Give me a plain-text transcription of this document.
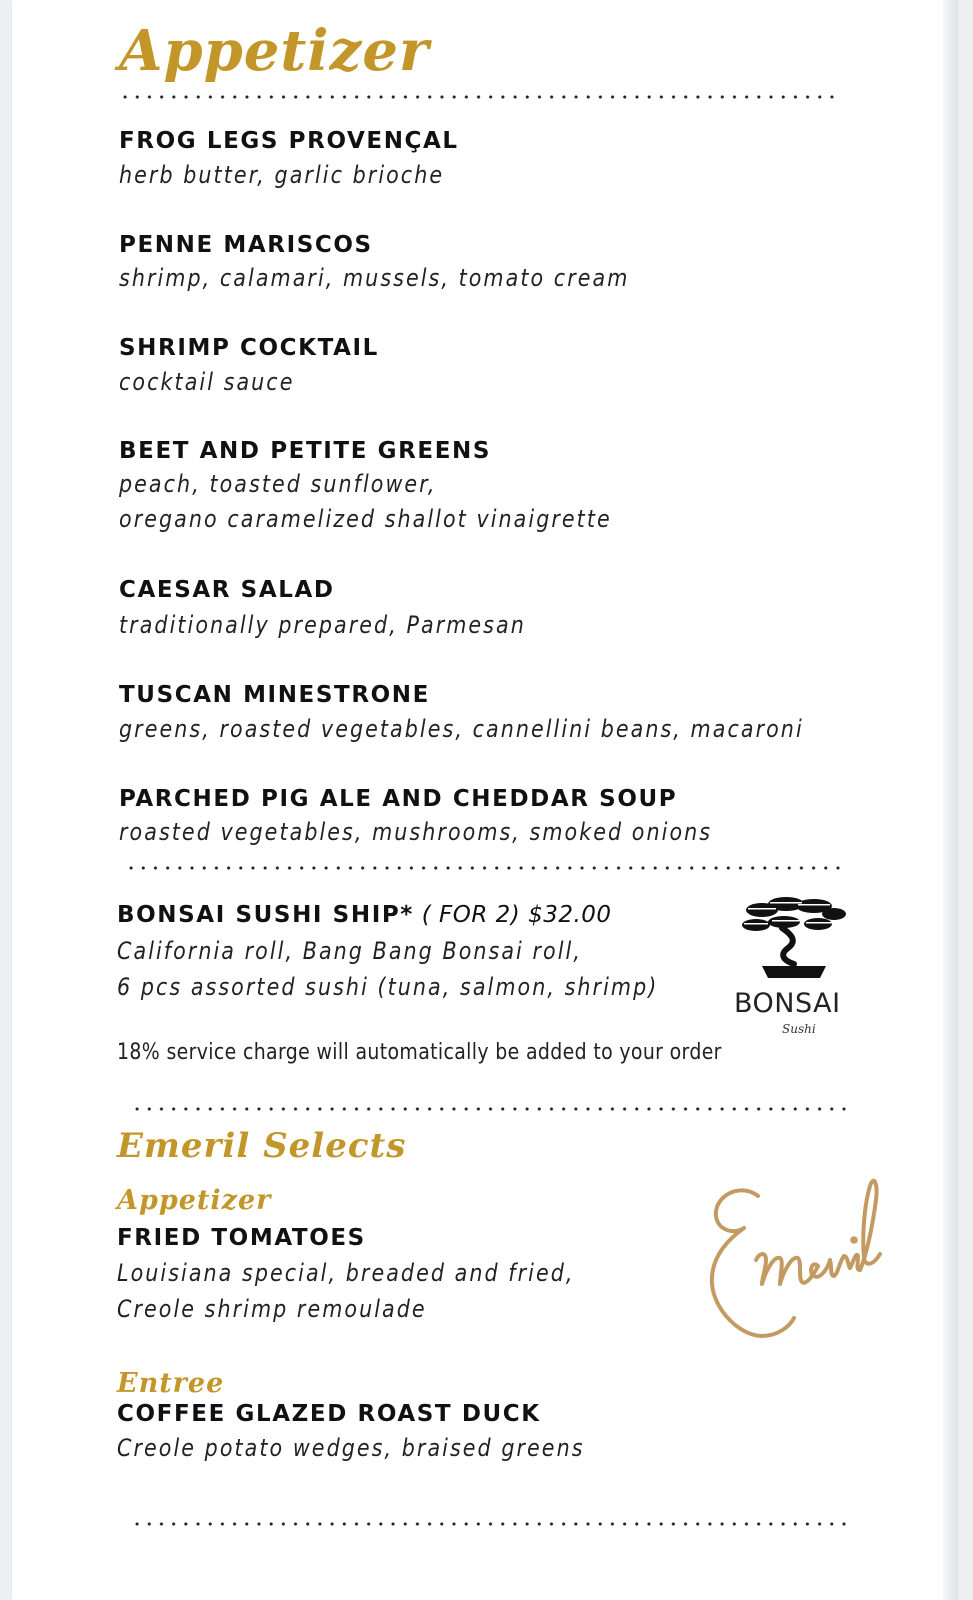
Appetizer
FROG LEGS PROVENÇAL
herb butter, garlic brioche
PENNE MARISCOS
shrimp, calamari, mussels, tomato cream
SHRIMP COCKTAIL
cocktail sauce
BEET AND PETITE GREENS
peach, toasted sunflower,
oregano caramelized shallot vinaigrette
CAESAR SALAD
traditionally prepared, Parmesan
TUSCAN MINESTRONE
greens, roasted vegetables, cannellini beans, macaroni
PARCHED PIG ALE AND CHEDDAR SOUP
roasted vegetables, mushrooms, smoked onions
BONSAI SUSHI SHIP* ( FOR 2) $32.00
California roll, Bang Bang Bonsai roll,
6 pcs assorted sushi (tuna, salmon, shrimp)
18% service charge will automatically be added to your order
BONSAI
Sushi
Emeril Selects
Appetizer
FRIED TOMATOES
Louisiana special, breaded and fried,
Creole shrimp remoulade
Entree
COFFEE GLAZED ROAST DUCK
Creole potato wedges, braised greens
